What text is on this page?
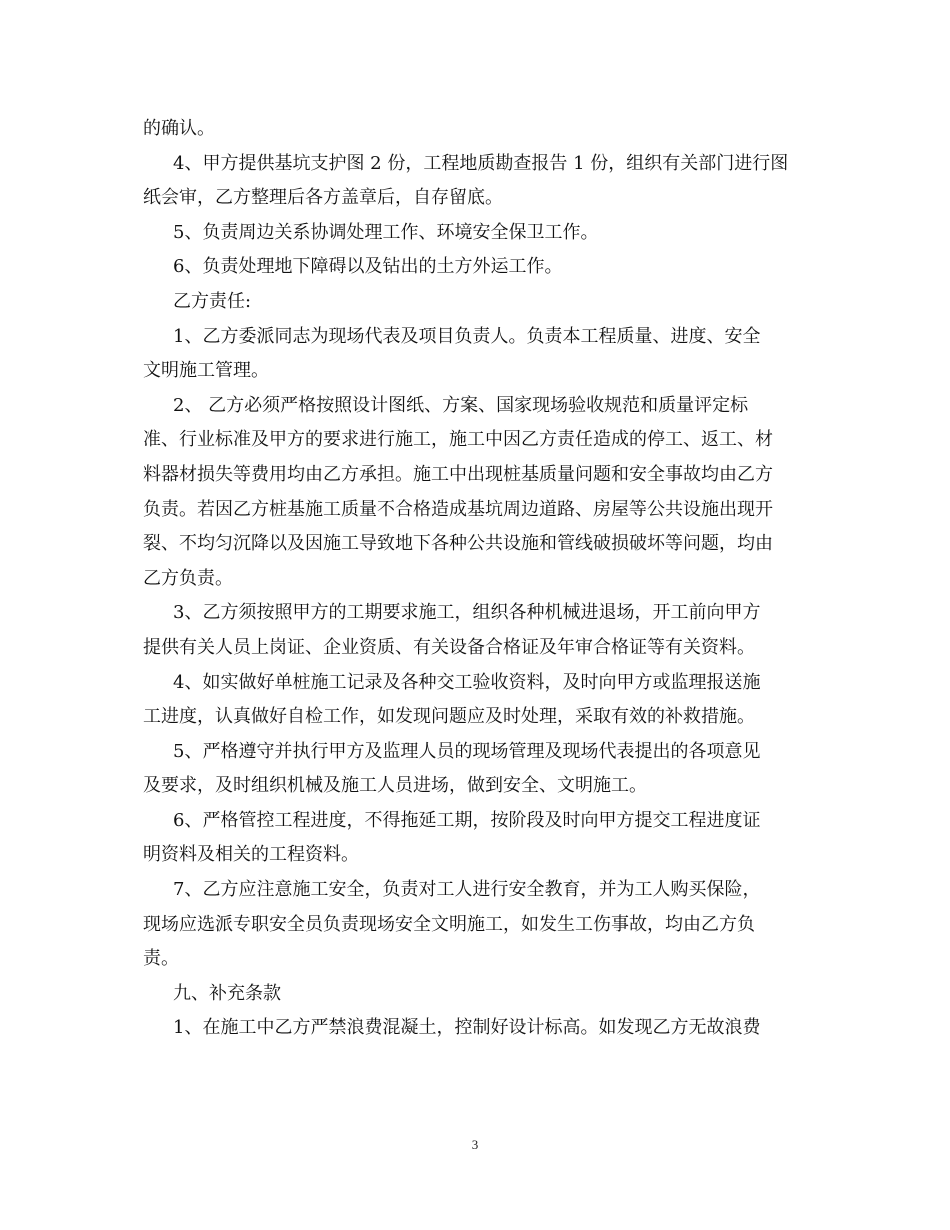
的确认。
4、甲方提供基坑支护图 2 份，工程地质勘查报告 1 份，组织有关部门进行图
纸会审，乙方整理后各方盖章后，自存留底。
5、负责周边关系协调处理工作、环境安全保卫工作。
6、负责处理地下障碍以及钻出的土方外运工作。
乙方责任:
1、乙方委派同志为现场代表及项目负责人。负责本工程质量、进度、安全
文明施工管理。
2、 乙方必须严格按照设计图纸、方案、国家现场验收规范和质量评定标
准、行业标准及甲方的要求进行施工，施工中因乙方责任造成的停工、返工、材
料器材损失等费用均由乙方承担。施工中出现桩基质量问题和安全事故均由乙方
负责。若因乙方桩基施工质量不合格造成基坑周边道路、房屋等公共设施出现开
裂、不均匀沉降以及因施工导致地下各种公共设施和管线破损破坏等问题，均由
乙方负责。
3、乙方须按照甲方的工期要求施工，组织各种机械进退场，开工前向甲方
提供有关人员上岗证、企业资质、有关设备合格证及年审合格证等有关资料。
4、如实做好单桩施工记录及各种交工验收资料，及时向甲方或监理报送施
工进度，认真做好自检工作，如发现问题应及时处理，采取有效的补救措施。
5、严格遵守并执行甲方及监理人员的现场管理及现场代表提出的各项意见
及要求，及时组织机械及施工人员进场，做到安全、文明施工。
6、严格管控工程进度，不得拖延工期，按阶段及时向甲方提交工程进度证
明资料及相关的工程资料。
7、乙方应注意施工安全，负责对工人进行安全教育，并为工人购买保险，
现场应选派专职安全员负责现场安全文明施工，如发生工伤事故，均由乙方负
责。
九、补充条款
1、在施工中乙方严禁浪费混凝土，控制好设计标高。如发现乙方无故浪费
3
